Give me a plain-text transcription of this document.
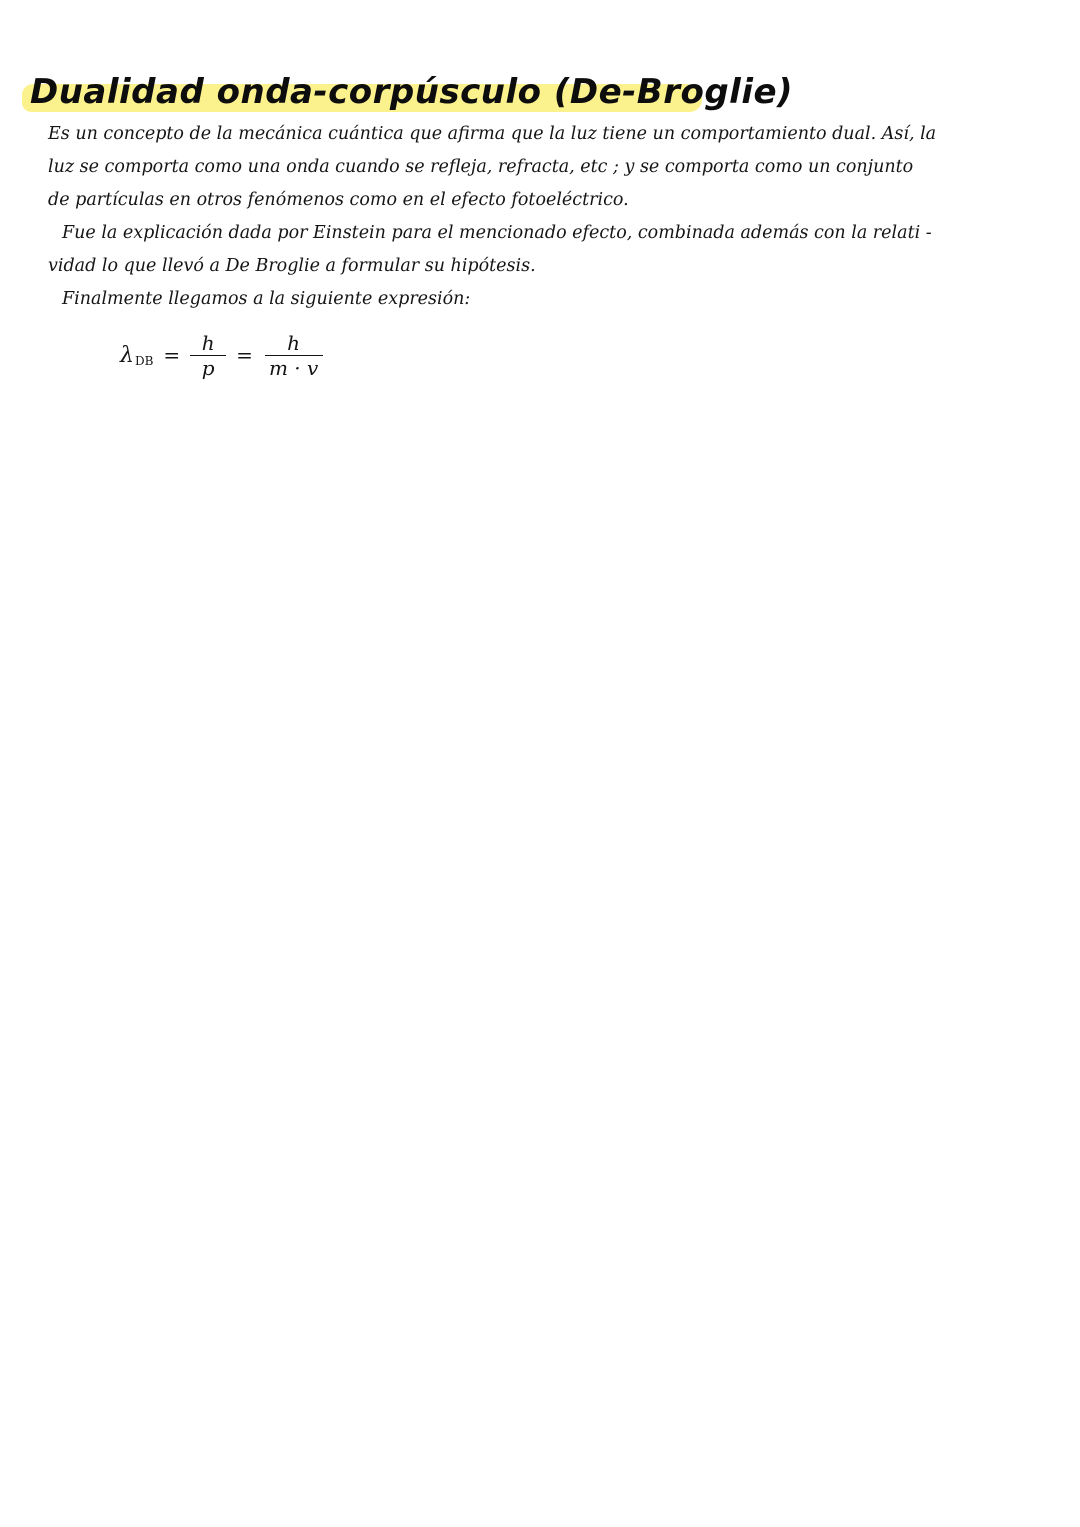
Dualidad onda-corpúsculo (De-Broglie)
Es un concepto de la mecánica cuántica que afirma que la luz tiene un comportamiento dual. Así, la
luz se comporta como una onda cuando se refleja, refracta, etc ; y se comporta como un conjunto
de partículas en otros fenómenos como en el efecto fotoeléctrico.
Fue la explicación dada por Einstein para el mencionado efecto, combinada además con la relati -
vidad lo que llevó a De Broglie a formular su hipótesis.
Finalmente llegamos a la siguiente expresión:
λ DB = $\frac{h}{p} = \frac{h}{m \cdot v}$
